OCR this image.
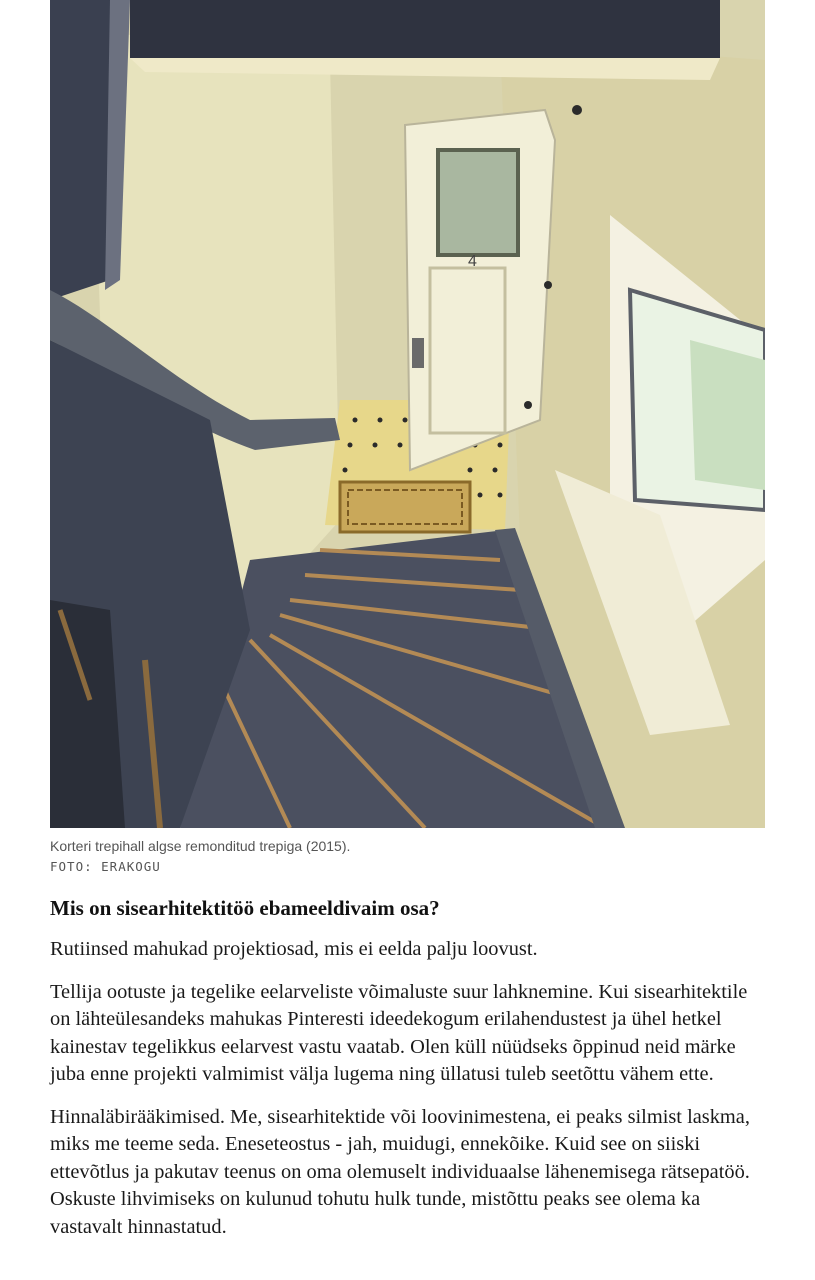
4
Korteri trepihall algse remonditud trepiga (2015).
FOTO: ERAKOGU
Mis on sisearhitektitöö ebameeldivaim osa?

Rutiinsed mahukad projektiosad, mis ei eelda palju loovust.

Tellija ootuste ja tegelike eelarveliste võimaluste suur lahknemine. Kui sisearhitektile on lähteülesandeks mahukas Pinteresti ideedekogum erilahendustest ja ühel hetkel kainestav tegelikkus eelarvest vastu vaatab. Olen küll nüüdseks õppinud neid märke juba enne projekti valmimist välja lugema ning üllatusi tuleb seetõttu vähem ette.

Hinnaläbirääkimised. Me, sisearhitektide või loovinimestena, ei peaks silmist laskma, miks me teeme seda. Eneseteostus - jah, muidugi, ennekõike. Kuid see on siiski ettevõtlus ja pakutav teenus on oma olemuselt individuaalse lähenemisega rätsepatöö. Oskuste lihvimiseks on kulunud tohutu hulk tunde, mistõttu peaks see olema ka vastavalt hinnastatud.
